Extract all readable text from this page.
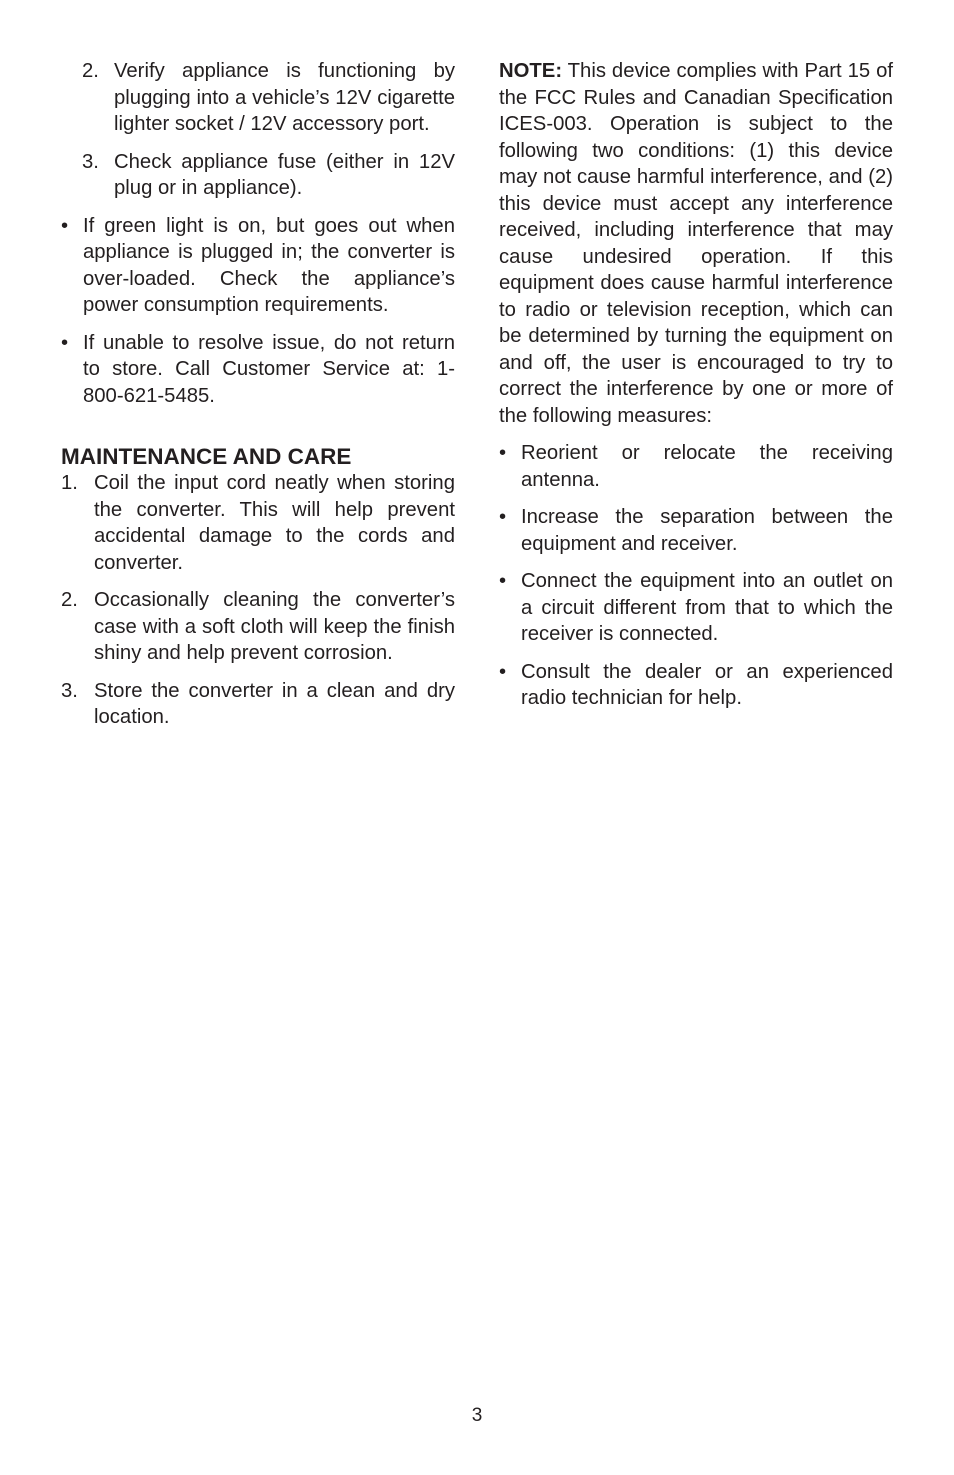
2. Verify appliance is functioning by plugging into a vehicle’s 12V cigarette lighter socket / 12V accessory port.
3. Check appliance fuse (either in 12V plug or in appliance).
• If green light is on, but goes out when appliance is plugged in; the converter is over-loaded. Check the appliance’s power consumption requirements.
• If unable to resolve issue, do not return to store. Call Customer Service at: 1-800-621-5485.
MAINTENANCE AND CARE
1. Coil the input cord neatly when storing the converter. This will help prevent accidental damage to the cords and converter.
2. Occasionally cleaning the converter’s case with a soft cloth will keep the finish shiny and help prevent corrosion.
3. Store the converter in a clean and dry location.
NOTE: This device complies with Part 15 of the FCC Rules and Canadian Specification ICES-003. Operation is subject to the following two conditions: (1) this device may not cause harmful interference, and (2) this device must accept any interference received, including interference that may cause undesired operation. If this equipment does cause harmful interference to radio or television reception, which can be determined by turning the equipment on and off, the user is encouraged to try to correct the interference by one or more of the following measures:
• Reorient or relocate the receiving antenna.
• Increase the separation between the equipment and receiver.
• Connect the equipment into an outlet on a circuit different from that to which the receiver is connected.
• Consult the dealer or an experienced radio technician for help.
3
